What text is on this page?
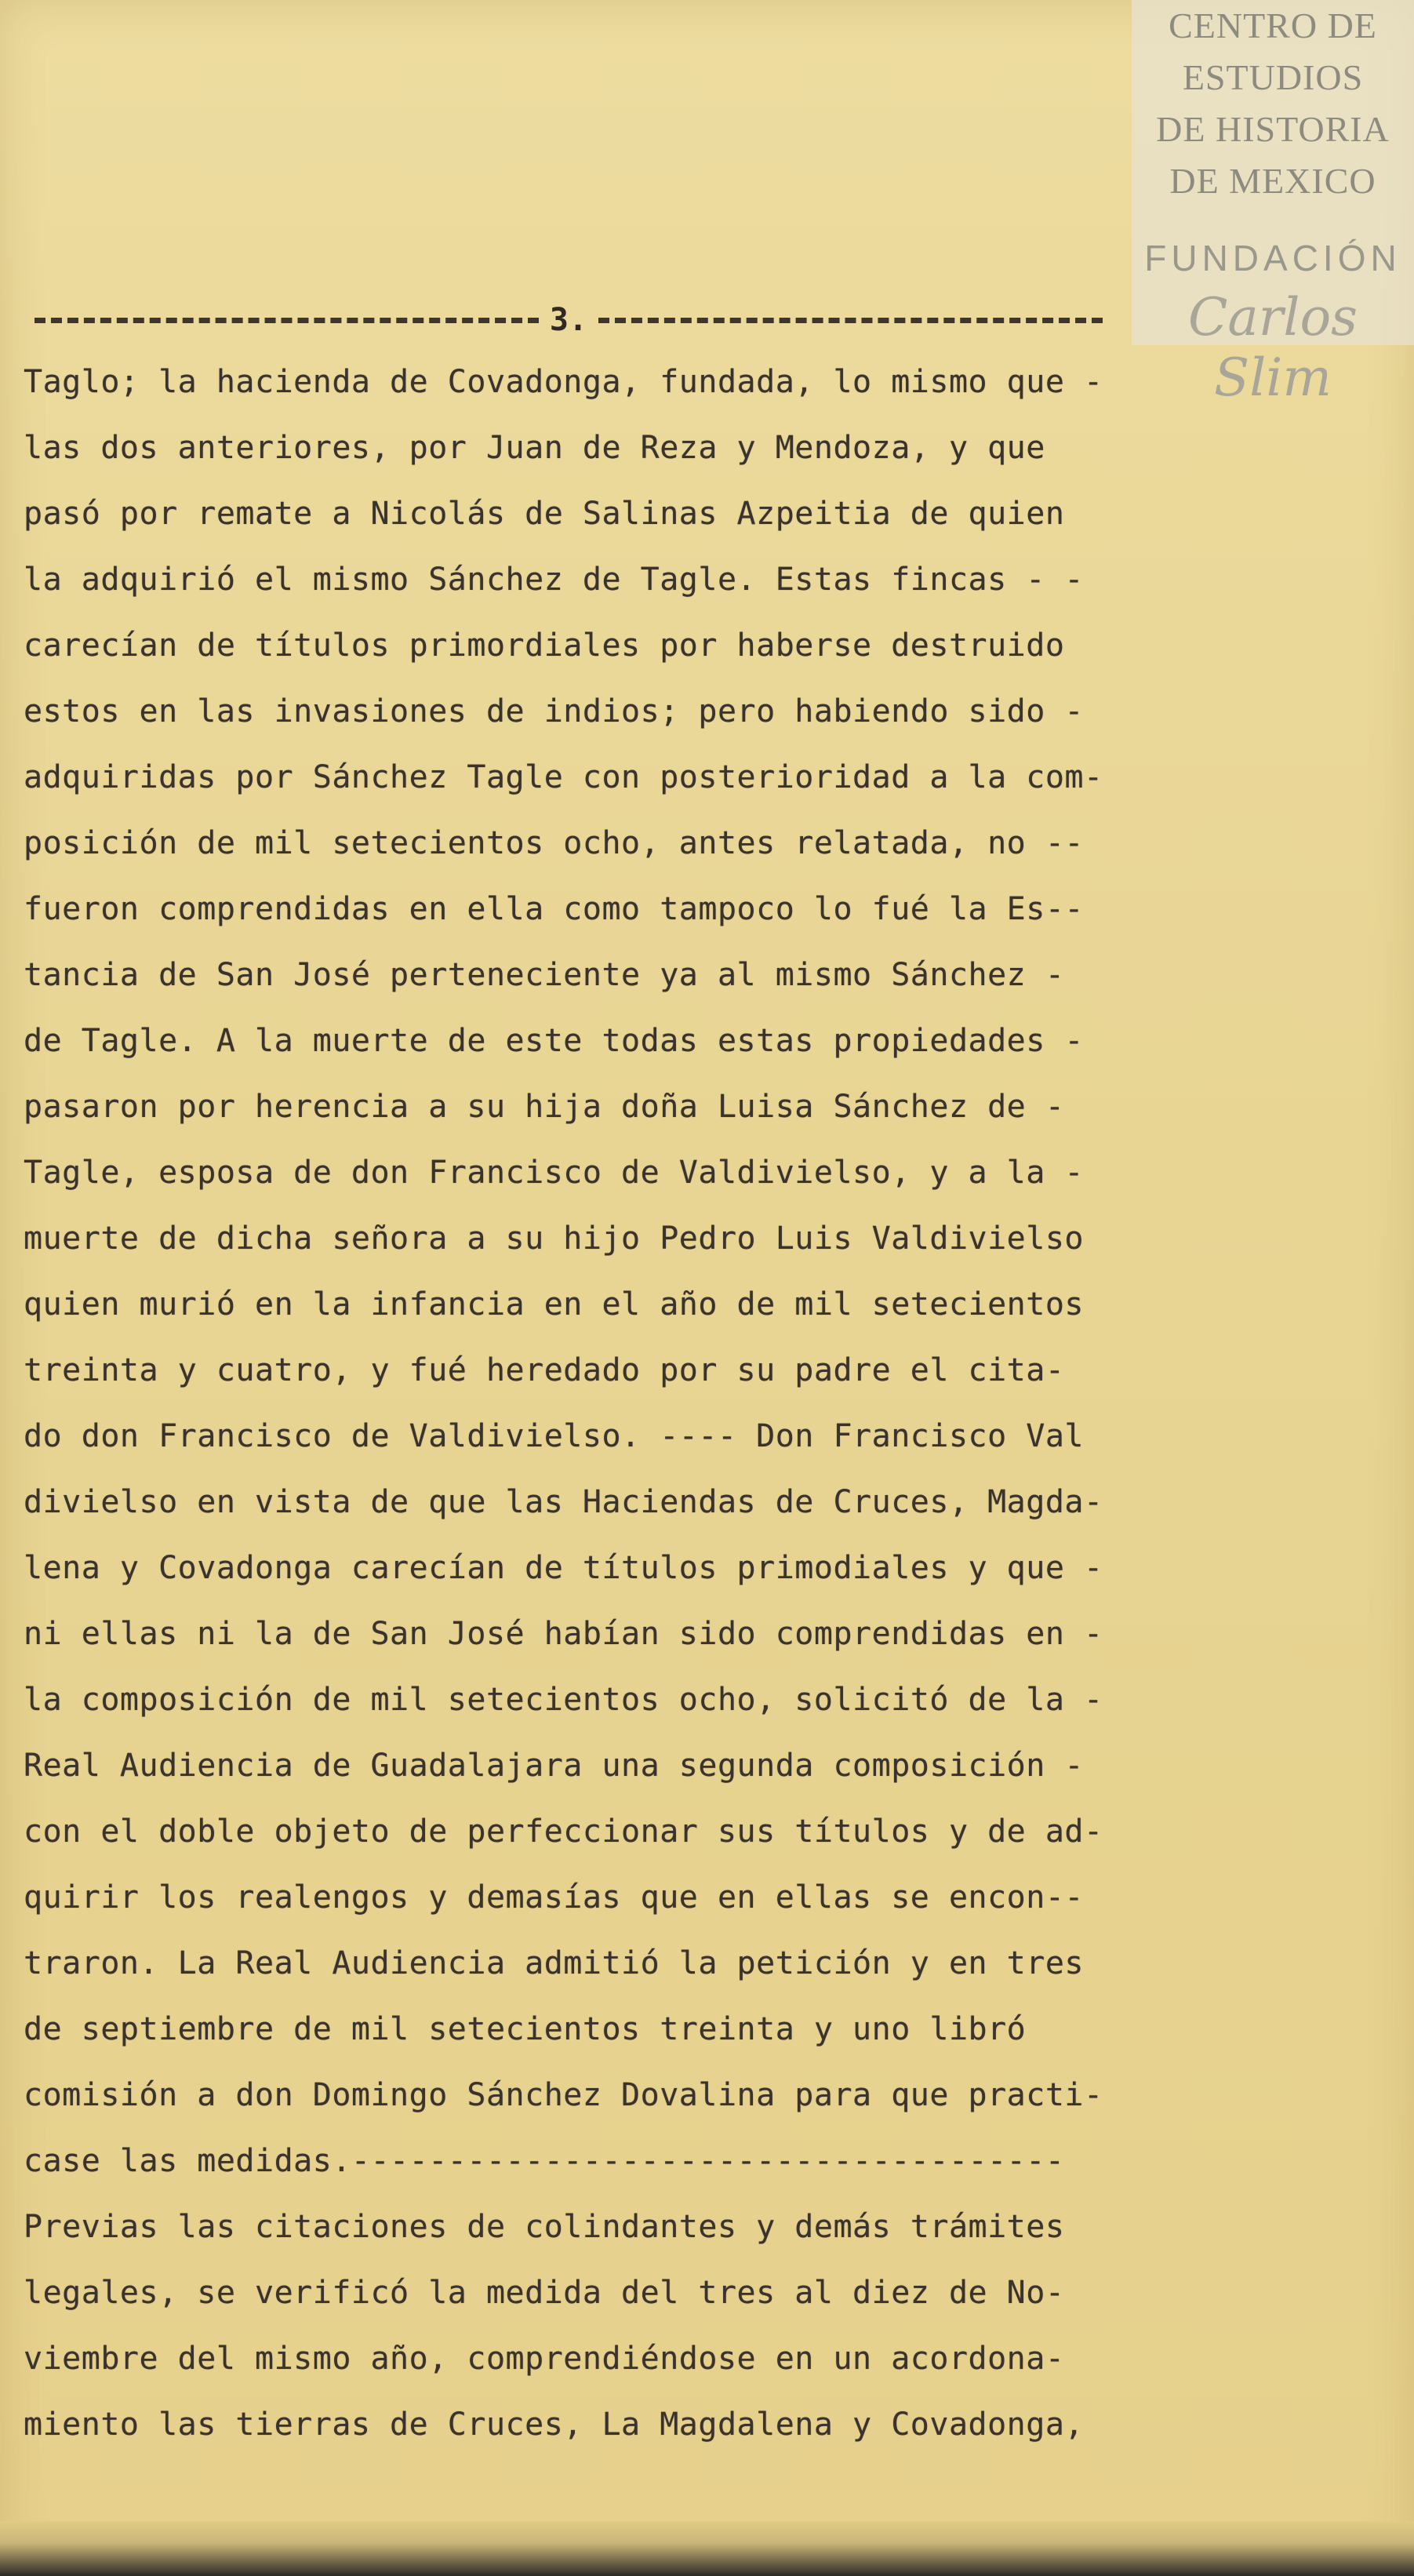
CENTRO DE
ESTUDIOS
DE HISTORIA
DE MEXICO
FUNDACIÓN
Carlos Slim
3.
Taglo; la hacienda de Covadonga, fundada, lo mismo que -
las dos anteriores, por Juan de Reza y Mendoza, y que
pasó por remate a Nicolás de Salinas Azpeitia de quien
la adquirió el mismo Sánchez de Tagle. Estas fincas - -
carecían de títulos primordiales por haberse destruido
estos en las invasiones de indios; pero habiendo sido -
adquiridas por Sánchez Tagle con posterioridad a la com-
posición de mil setecientos ocho, antes relatada, no --
fueron comprendidas en ella como tampoco lo fué la Es--
tancia de San José perteneciente ya al mismo Sánchez -
de Tagle. A la muerte de este todas estas propiedades -
pasaron por herencia a su hija doña Luisa Sánchez de -
Tagle, esposa de don Francisco de Valdivielso, y a la -
muerte de dicha señora a su hijo Pedro Luis Valdivielso
quien murió en la infancia en el año de mil setecientos
treinta y cuatro, y fué heredado por su padre el cita-
do don Francisco de Valdivielso. ---- Don Francisco Val
divielso en vista de que las Haciendas de Cruces, Magda-
lena y Covadonga carecían de títulos primodiales y que -
ni ellas ni la de San José habían sido comprendidas en -
la composición de mil setecientos ocho, solicitó de la -
Real Audiencia de Guadalajara una segunda composición -
con el doble objeto de perfeccionar sus títulos y de ad-
quirir los realengos y demasías que en ellas se encon--
traron. La Real Audiencia admitió la petición y en tres
de septiembre de mil setecientos treinta y uno libró
comisión a don Domingo Sánchez Dovalina para que practi-
case las medidas.-------------------------------------
Previas las citaciones de colindantes y demás trámites
legales, se verificó la medida del tres al diez de No-
viembre del mismo año, comprendiéndose en un acordona-
miento las tierras de Cruces, La Magdalena y Covadonga,
